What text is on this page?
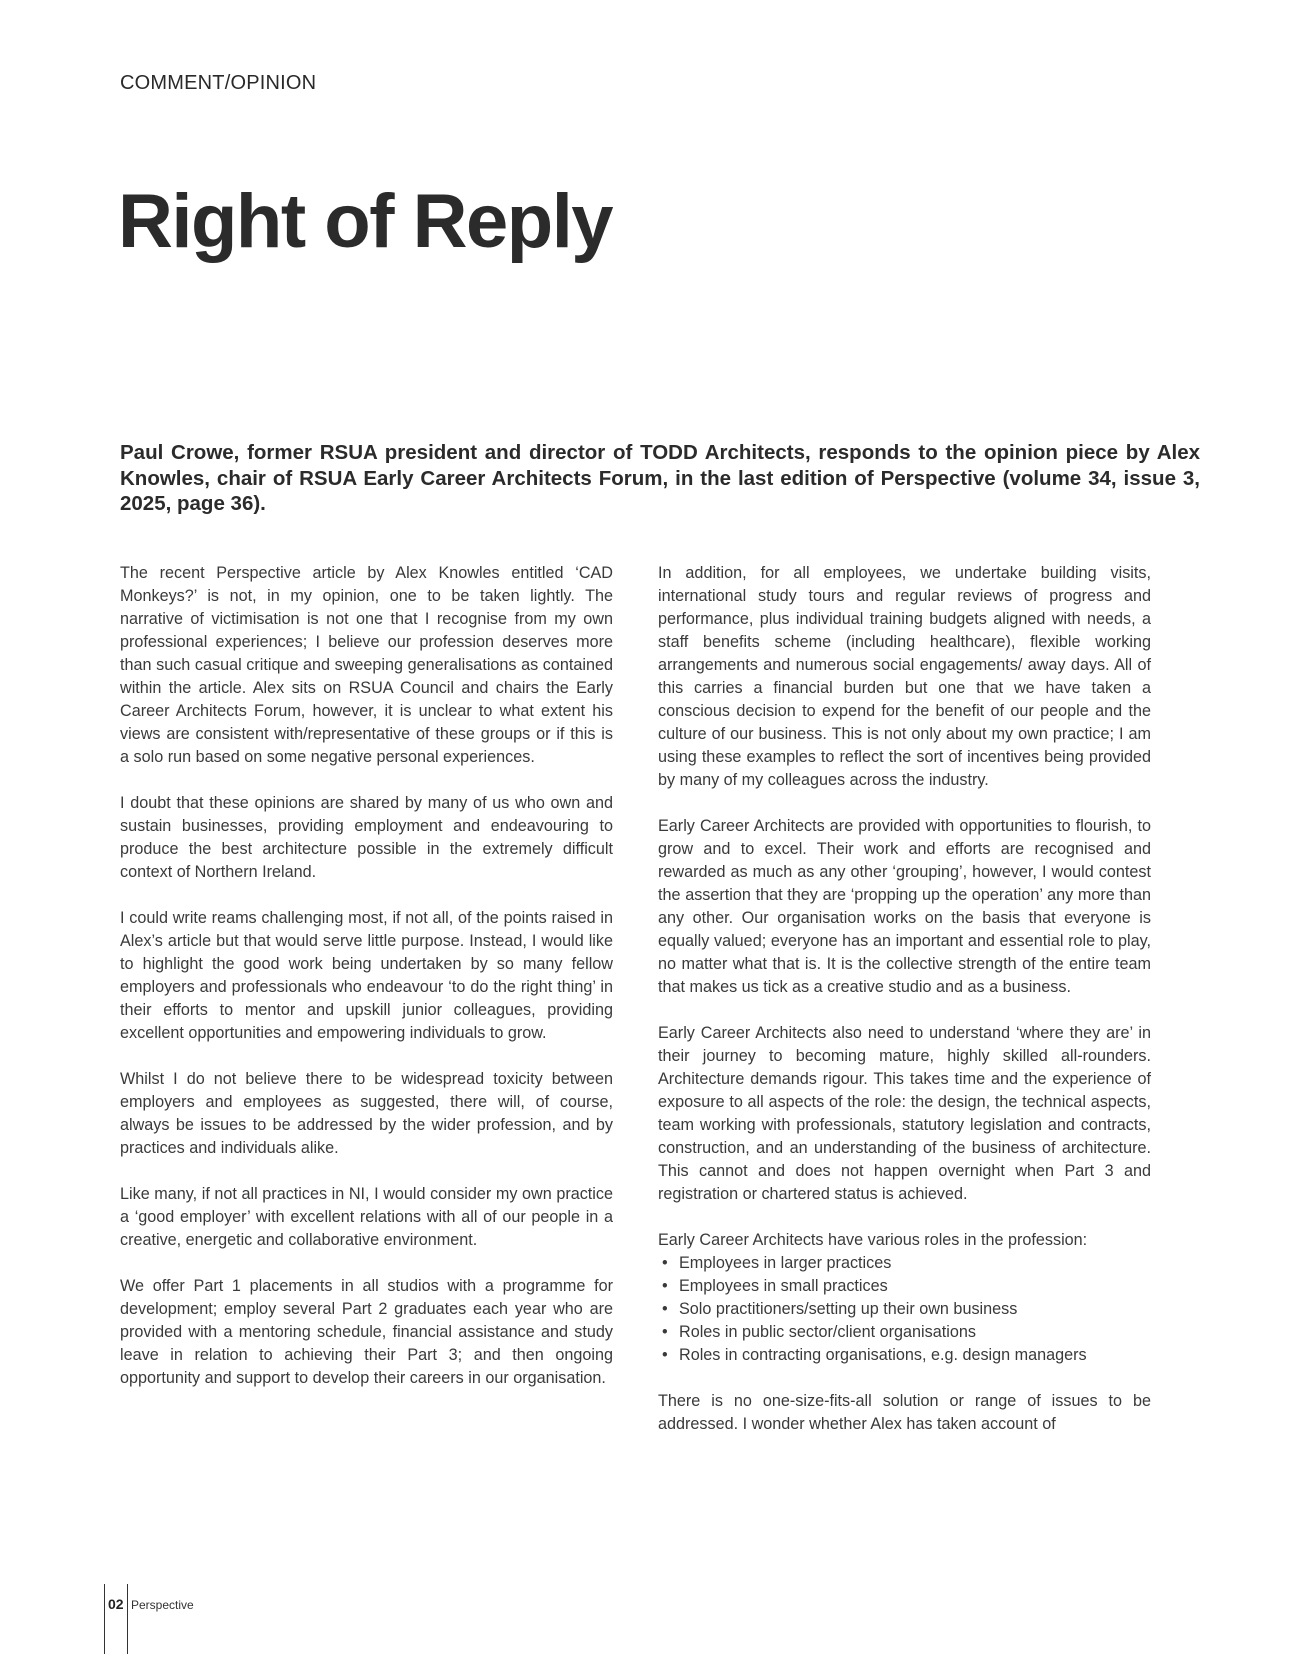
COMMENT/OPINION
Right of Reply

Paul Crowe, former RSUA president and director of TODD Architects, responds to the opinion piece by Alex Knowles, chair of RSUA Early Career Architects Forum, in the last edition of Perspective (volume 34, issue 3, 2025, page 36).

The recent Perspective article by Alex Knowles entitled ‘CAD Monkeys?’ is not, in my opinion, one to be taken lightly. The narrative of victimisation is not one that I recognise from my own professional experiences; I believe our profession deserves more than such casual critique and sweeping generalisations as contained within the article. Alex sits on RSUA Council and chairs the Early Career Architects Forum, however, it is unclear to what extent his views are consistent with/representative of these groups or if this is a solo run based on some negative personal experiences.

I doubt that these opinions are shared by many of us who own and sustain businesses, providing employment and endeavouring to produce the best architecture possible in the extremely difficult context of Northern Ireland.

I could write reams challenging most, if not all, of the points raised in Alex’s article but that would serve little purpose. Instead, I would like to highlight the good work being undertaken by so many fellow employers and professionals who endeavour ‘to do the right thing’ in their efforts to mentor and upskill junior colleagues, providing excellent opportunities and empowering individuals to grow.

Whilst I do not believe there to be widespread toxicity between employers and employees as suggested, there will, of course, always be issues to be addressed by the wider profession, and by practices and individuals alike.

Like many, if not all practices in NI, I would consider my own practice a ‘good employer’ with excellent relations with all of our people in a creative, energetic and collaborative environment.

We offer Part 1 placements in all studios with a programme for development; employ several Part 2 graduates each year who are provided with a mentoring schedule, financial assistance and study leave in relation to achieving their Part 3; and then ongoing opportunity and support to develop their careers in our organisation.

In addition, for all employees, we undertake building visits, international study tours and regular reviews of progress and performance, plus individual training budgets aligned with needs, a staff benefits scheme (including healthcare), flexible working arrangements and numerous social engagements/ away days. All of this carries a financial burden but one that we have taken a conscious decision to expend for the benefit of our people and the culture of our business. This is not only about my own practice; I am using these examples to reflect the sort of incentives being provided by many of my colleagues across the industry.

Early Career Architects are provided with opportunities to flourish, to grow and to excel. Their work and efforts are recognised and rewarded as much as any other ‘grouping’, however, I would contest the assertion that they are ‘propping up the operation’ any more than any other. Our organisation works on the basis that everyone is equally valued; everyone has an important and essential role to play, no matter what that is. It is the collective strength of the entire team that makes us tick as a creative studio and as a business.

Early Career Architects also need to understand ‘where they are’ in their journey to becoming mature, highly skilled all-rounders. Architecture demands rigour. This takes time and the experience of exposure to all aspects of the role: the design, the technical aspects, team working with professionals, statutory legislation and contracts, construction, and an understanding of the business of architecture. This cannot and does not happen overnight when Part 3 and registration or chartered status is achieved.

Early Career Architects have various roles in the profession:
• Employees in larger practices
• Employees in small practices
• Solo practitioners/setting up their own business
• Roles in public sector/client organisations
• Roles in contracting organisations, e.g. design managers

There is no one-size-fits-all solution or range of issues to be addressed. I wonder whether Alex has taken account of

02 Perspective
